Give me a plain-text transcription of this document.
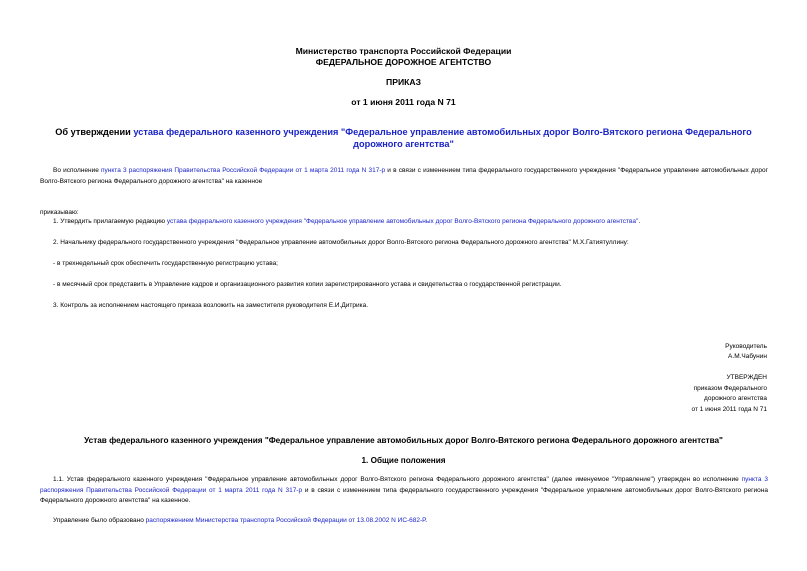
Министерство транспорта Российской Федерации
ФЕДЕРАЛЬНОЕ ДОРОЖНОЕ АГЕНТСТВО
ПРИКАЗ
от 1 июня 2011 года N 71
Об утверждении устава федерального казенного учреждения "Федеральное управление автомобильных дорог Волго-Вятского региона Федерального дорожного агентства"
Во исполнение пункта 3 распоряжения Правительства Российской Федерации от 1 марта 2011 года N 317-р и в связи с изменением типа федерального государственного учреждения "Федеральное управление автомобильных дорог Волго-Вятского региона Федерального дорожного агентства" на казенное
приказываю:
1. Утвердить прилагаемую редакцию устава федерального казенного учреждения "Федеральное управление автомобильных дорог Волго-Вятского региона Федерального дорожного агентства".
2. Начальнику федерального государственного учреждения "Федеральное управление автомобильных дорог Волго-Вятского региона Федерального дорожного агентства" М.Х.Гатиятуллину:
- в трехнедельный срок обеспечить государственную регистрацию устава;
- в месячный срок представить в Управление кадров и организационного развития копии зарегистрированного устава и свидетельства о государственной регистрации.
3. Контроль за исполнением настоящего приказа возложить на заместителя руководителя Е.И.Дитрика.
Руководитель
А.М.Чабунин
УТВЕРЖДЕН
приказом Федерального
дорожного агентства
от 1 июня 2011 года N 71
Устав федерального казенного учреждения "Федеральное управление автомобильных дорог Волго-Вятского региона Федерального дорожного агентства"
1. Общие положения
1.1. Устав федерального казенного учреждения "Федеральное управление автомобильных дорог Волго-Вятского региона Федерального дорожного агентства" (далее именуемое "Управление") утвержден во исполнение пункта 3 распоряжения Правительства Российской Федерации от 1 марта 2011 года N 317-р и в связи с изменением типа федерального государственного учреждения "Федеральное управление автомобильных дорог Волго-Вятского региона Федерального дорожного агентства" на казенное.
Управление было образовано распоряжением Министерства транспорта Российской Федерации от 13.08.2002 N ИС-682-Р.
